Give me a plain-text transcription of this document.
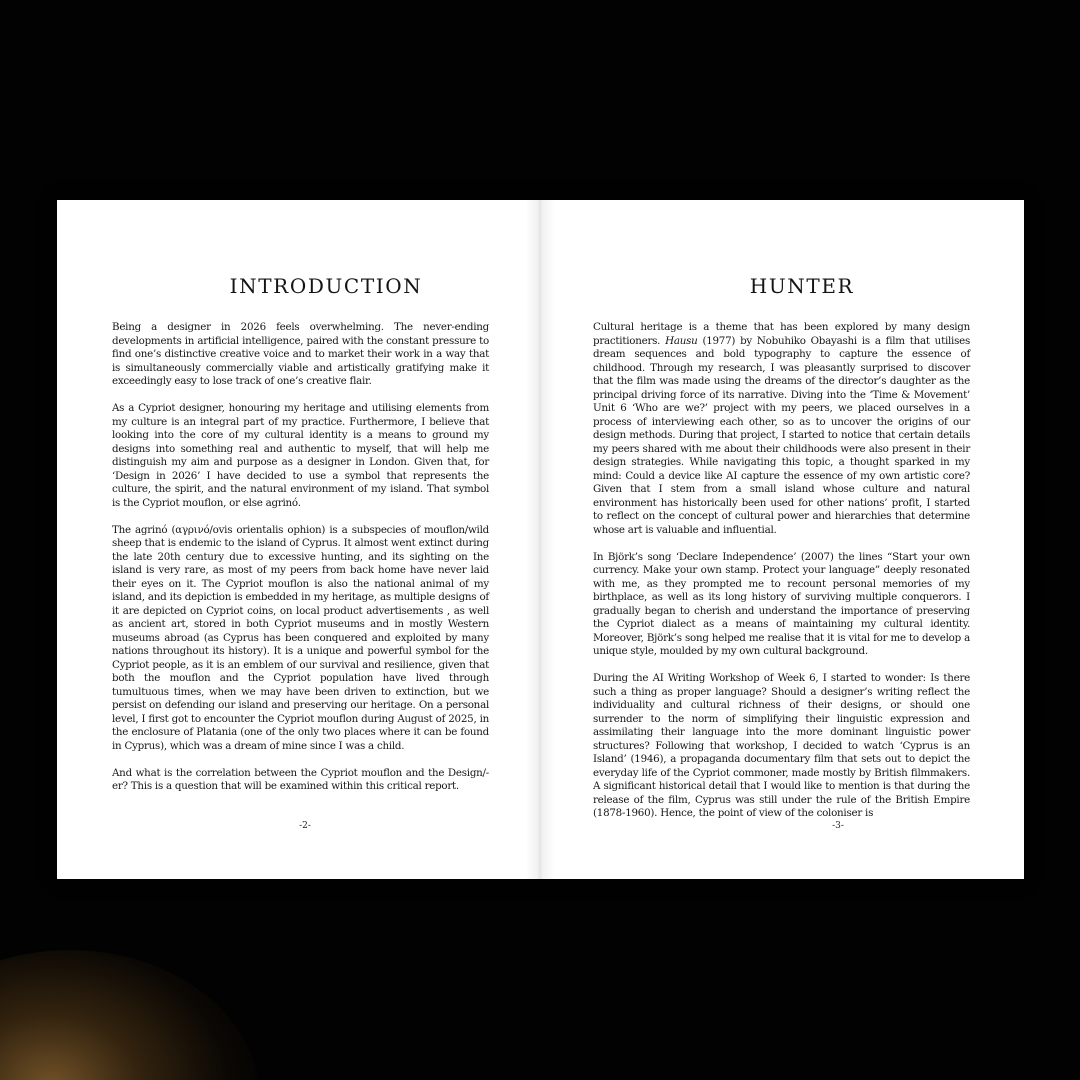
INTRODUCTION

Being a designer in 2026 feels overwhelming. The never-ending developments in artificial intelligence, paired with the constant pressure to find one’s distinctive creative voice and to market their work in a way that is simultaneously commercially viable and artistically gratifying make it exceedingly easy to lose track of one’s creative flair.

As a Cypriot designer, honouring my heritage and utilising elements from my culture is an integral part of my practice. Furthermore, I believe that looking into the core of my cultural identity is a means to ground my designs into something real and authentic to myself, that will help me distinguish my aim and purpose as a designer in London. Given that, for ‘Design in 2026’ I have decided to use a symbol that represents the culture, the spirit, and the natural environment of my island. That symbol is the Cypriot mouflon, or else agrinó.

The agrinó (αγρινό/ovis orientalis ophion) is a subspecies of mouflon/wild sheep that is endemic to the island of Cyprus. It almost went extinct during the late 20th century due to excessive hunting, and its sighting on the island is very rare, as most of my peers from back home have never laid their eyes on it. The Cypriot mouflon is also the national animal of my island, and its depiction is embedded in my heritage, as multiple designs of it are depicted on Cypriot coins, on local product advertisements , as well as ancient art, stored in both Cypriot museums and in mostly Western museums abroad (as Cyprus has been conquered and exploited by many nations throughout its history). It is a unique and powerful symbol for the Cypriot people, as it is an emblem of our survival and resilience, given that both the mouflon and the Cypriot population have lived through tumultuous times, when we may have been driven to extinction, but we persist on defending our island and preserving our heritage. On a personal level, I first got to encounter the Cypriot mouflon during August of 2025, in the enclosure of Platania (one of the only two places where it can be found in Cyprus), which was a dream of mine since I was a child.

And what is the correlation between the Cypriot mouflon and the Design/-er? This is a question that will be examined within this critical report.

-2-
HUNTER

Cultural heritage is a theme that has been explored by many design practitioners. Hausu (1977) by Nobuhiko Obayashi is a film that utilises dream sequences and bold typography to capture the essence of childhood. Through my research, I was pleasantly surprised to discover that the film was made using the dreams of the director’s daughter as the principal driving force of its narrative. Diving into the ‘Time & Movement’ Unit 6 ‘Who are we?’ project with my peers, we placed ourselves in a process of interviewing each other, so as to uncover the origins of our design methods. During that project, I started to notice that certain details my peers shared with me about their childhoods were also present in their design strategies. While navigating this topic, a thought sparked in my mind: Could a device like AI capture the essence of my own artistic core? Given that I stem from a small island whose culture and natural environment has historically been used for other nations’ profit, I started to reflect on the concept of cultural power and hierarchies that determine whose art is valuable and influential.

In Björk’s song ‘Declare Independence’ (2007) the lines “Start your own currency. Make your own stamp. Protect your language” deeply resonated with me, as they prompted me to recount personal memories of my birthplace, as well as its long history of surviving multiple conquerors. I gradually began to cherish and understand the importance of preserving the Cypriot dialect as a means of maintaining my cultural identity. Moreover, Björk’s song helped me realise that it is vital for me to develop a unique style, moulded by my own cultural background.

During the AI Writing Workshop of Week 6, I started to wonder: Is there such a thing as proper language? Should a designer’s writing reflect the individuality and cultural richness of their designs, or should one surrender to the norm of simplifying their linguistic expression and assimilating their language into the more dominant linguistic power structures? Following that workshop, I decided to watch ‘Cyprus is an Island’ (1946), a propaganda documentary film that sets out to depict the everyday life of the Cypriot commoner, made mostly by British filmmakers. A significant historical detail that I would like to mention is that during the release of the film, Cyprus was still under the rule of the British Empire (1878-1960). Hence, the point of view of the coloniser is

-3-
